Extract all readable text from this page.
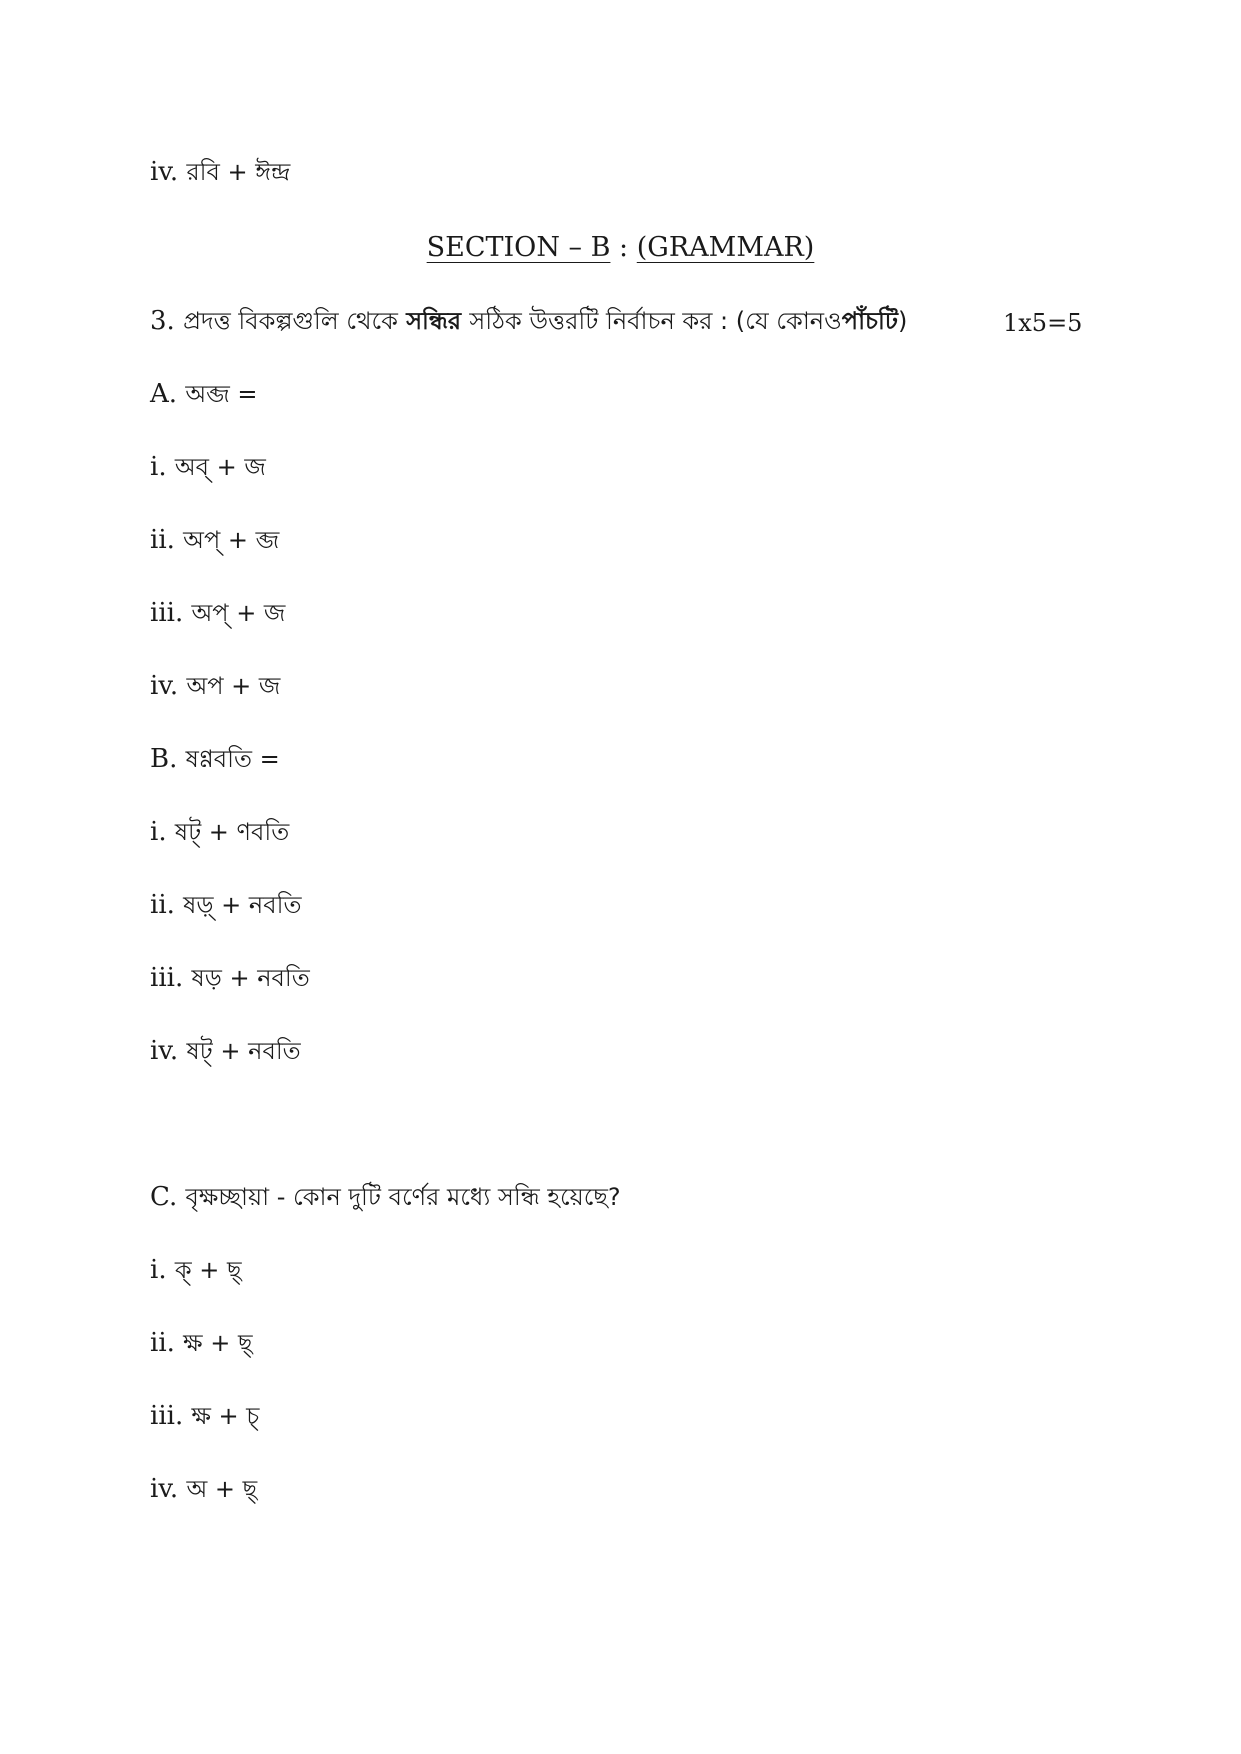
iv. রবি + ঈন্দ্র
SECTION – B : (GRAMMAR)
3. প্রদত্ত বিকল্পগুলি থেকে সন্ধির সঠিক উত্তরটি নির্বাচন কর : (যে কোনওপাঁচটি)	1x5=5
A. অব্জ =
i. অব্ + জ
ii. অপ্ + ব্জ
iii. অপ্ + জ
iv. অপ + জ
B. ষণ্ণবতি =
i. ষট্ + ণবতি
ii. ষড়্ + নবতি
iii. ষড় + নবতি
iv. ষট্ + নবতি
C. বৃক্ষচ্ছায়া - কোন দুটি বর্ণের মধ্যে সন্ধি হয়েছে?
i. ক্ + ছ্
ii. ক্ষ + ছ্
iii. ক্ষ + চ্
iv. অ + ছ্
